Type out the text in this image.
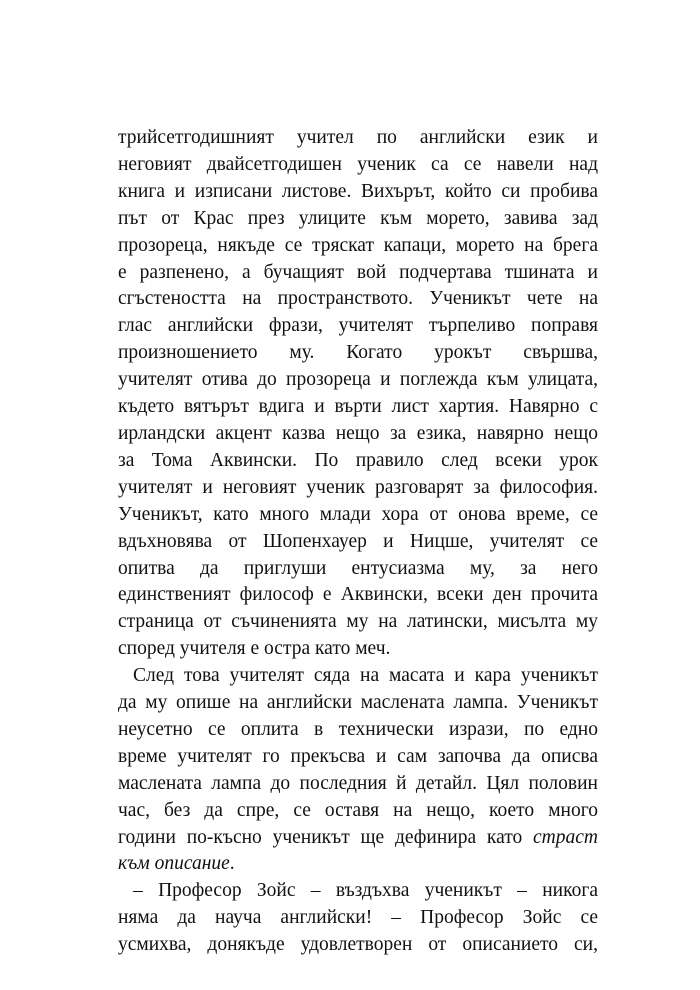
трийсетгодишният учител по английски език и
неговият двайсетгодишен ученик са се навели над
книга и изписани листове. Вихърът, който си пробива
път от Крас през улиците към морето, завива зад
прозореца, някъде се тряскат капаци, морето на брега
е разпенено, а бучащият вой подчертава тшината и
сгъстеността на пространството. Ученикът чете на
глас английски фрази, учителят търпеливо поправя
произношението му. Когато урокът свършва,
учителят отива до прозореца и поглежда към улицата,
където вятърът вдига и върти лист хартия. Навярно с
ирландски акцент казва нещо за езика, навярно нещо
за Тома Аквински. По правило след всеки урок
учителят и неговият ученик разговарят за философия.
Ученикът, като много млади хора от онова време, се
вдъхновява от Шопенхауер и Ницше, учителят се
опитва да приглуши ентусиазма му, за него
единственият философ е Аквински, всеки ден прочита
страница от съчиненията му на латински, мисълта му
според учителя е остра като меч.
След това учителят сяда на масата и кара ученикът
да му опише на английски маслената лампа. Ученикът
неусетно се оплита в технически изрази, по едно
време учителят го прекъсва и сам започва да описва
маслената лампа до последния й детайл. Цял половин
час, без да спре, се оставя на нещо, което много
години по-късно ученикът ще дефинира като страст
към описание.
– Професор Зойс – въздъхва ученикът – никога
няма да науча английски! – Професор Зойс се
усмихва, донякъде удовлетворен от описанието си,
